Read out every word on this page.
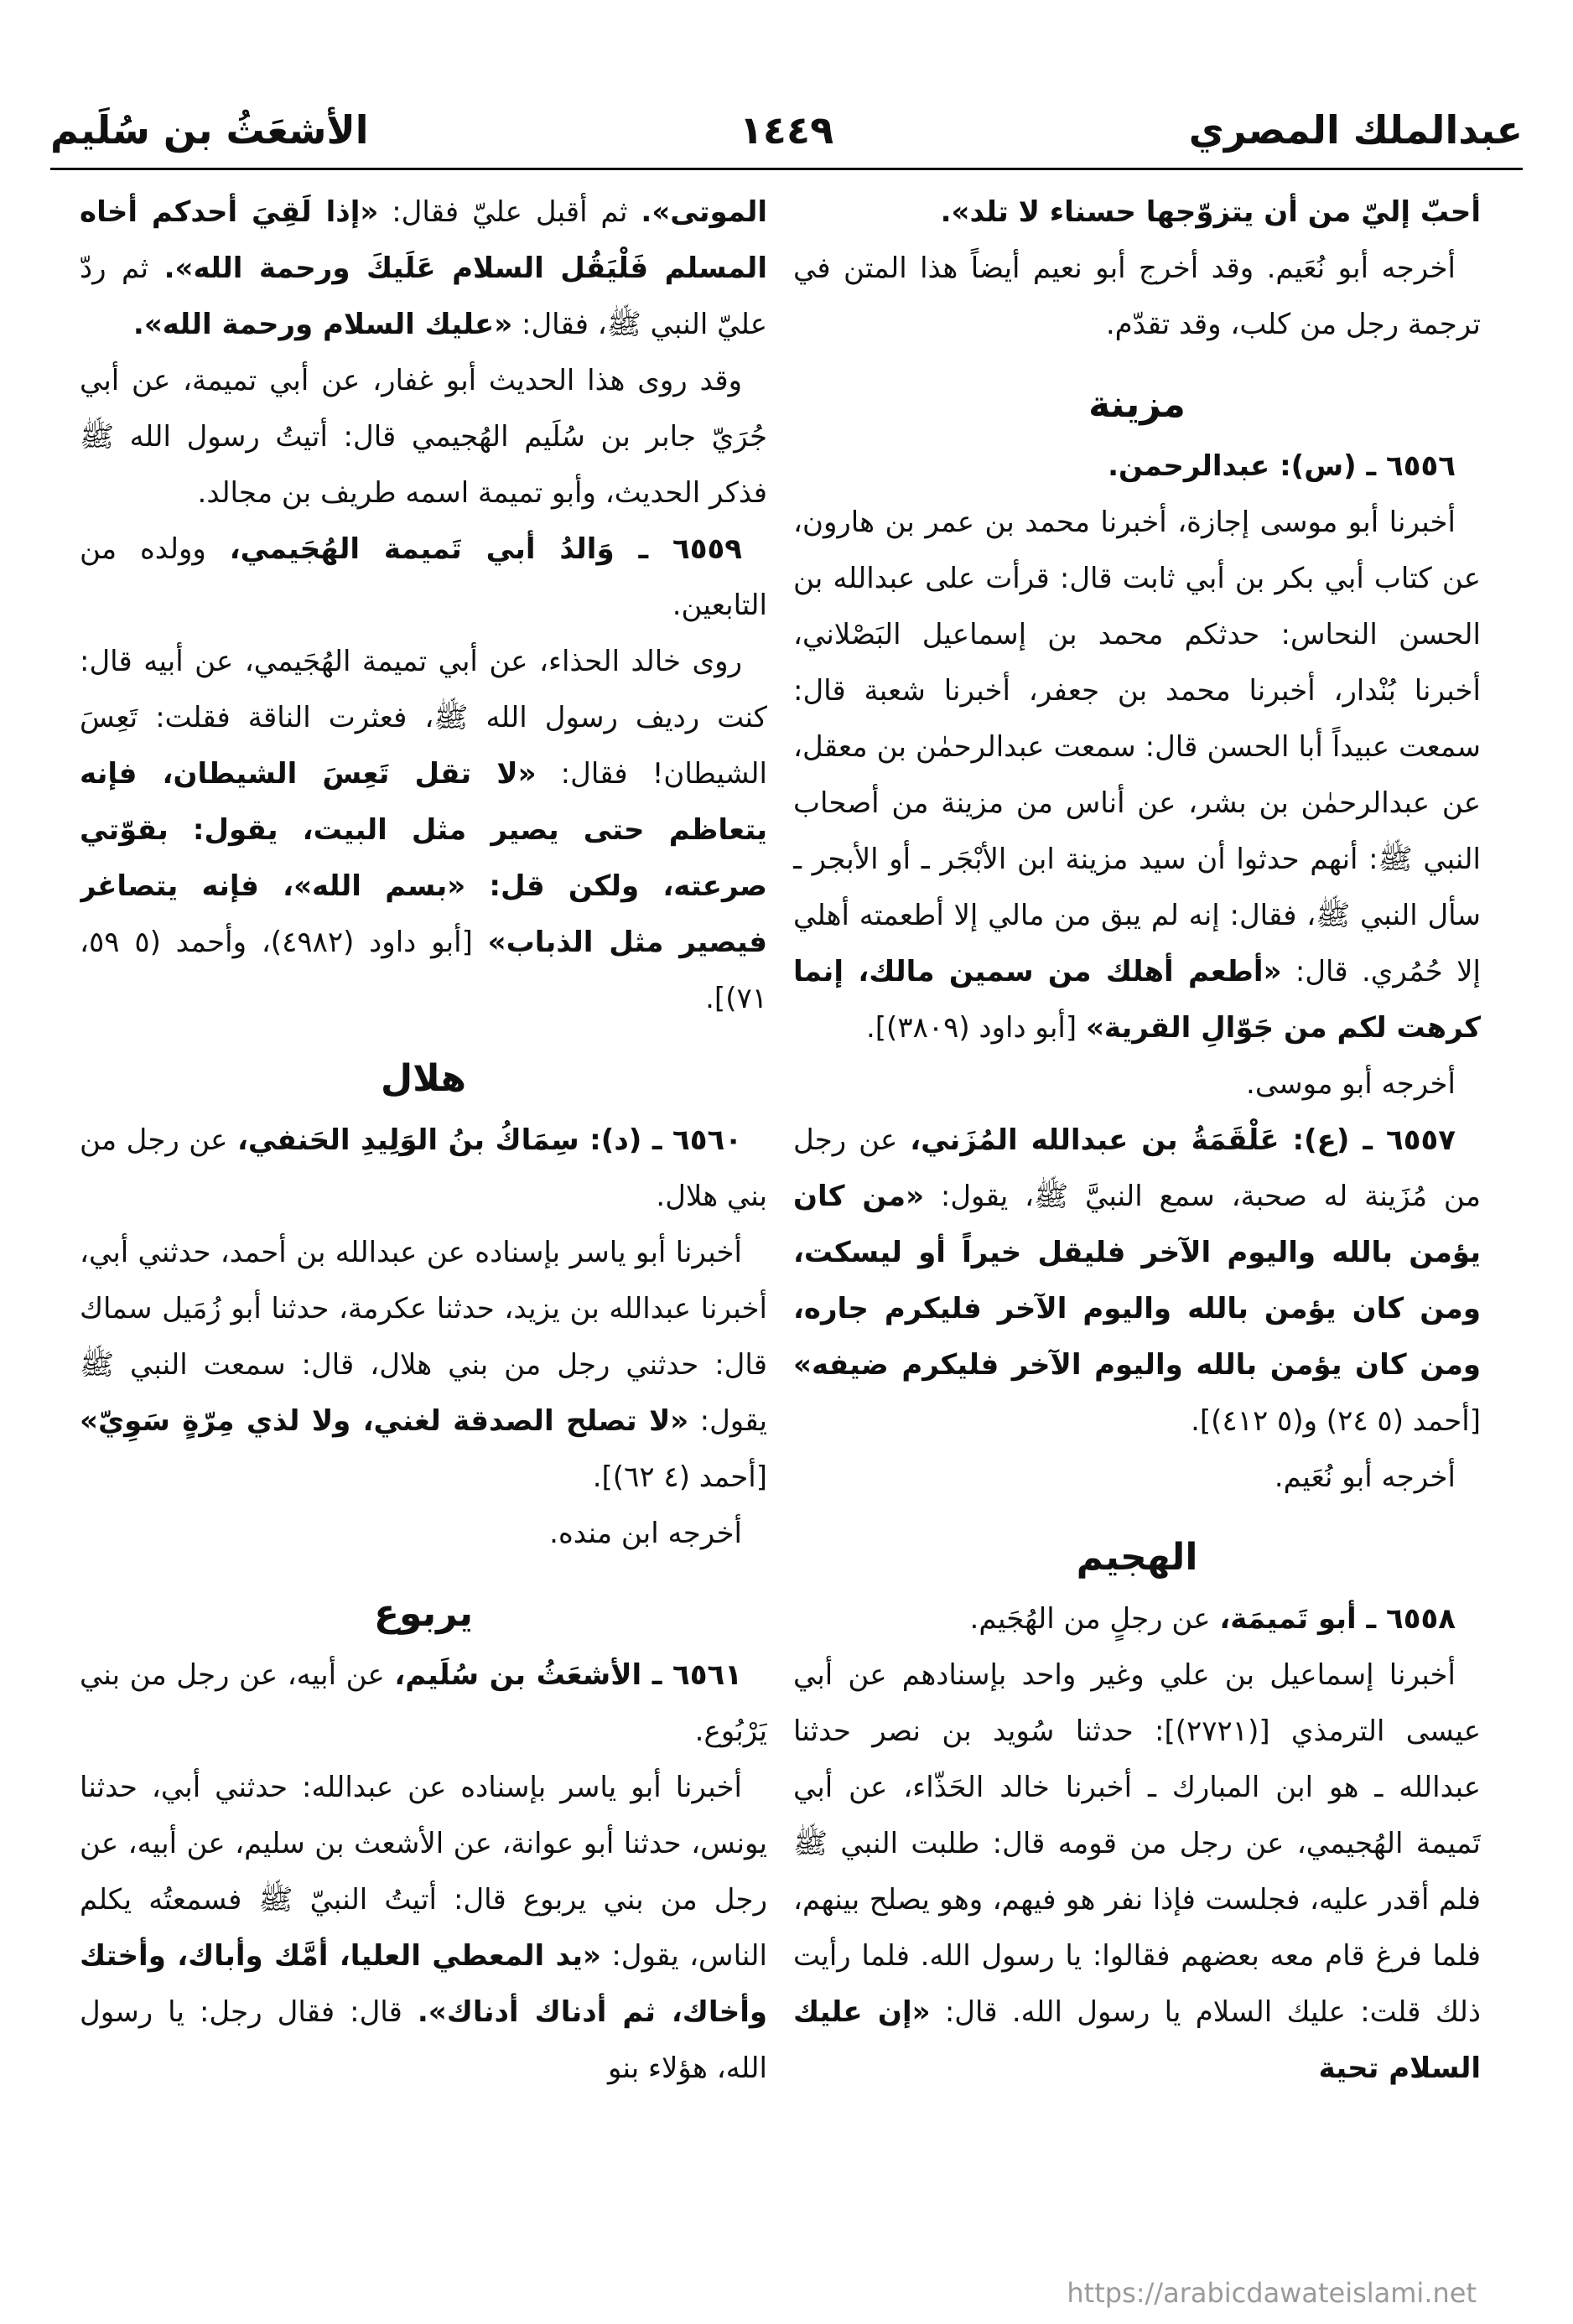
عبدالملك المصري
١٤٤٩
الأشعَثُ بن سُلَيم

أحبّ إليّ من أن يتزوّجها حسناء لا تلد».

أخرجه أبو نُعَيم. وقد أخرج أبو نعيم أيضاً هذا المتن في ترجمة رجل من كلب، وقد تقدّم.

مزينة

٦٥٥٦ ـ (س): عبدالرحمن.

أخبرنا أبو موسى إجازة، أخبرنا محمد بن عمر بن هارون، عن كتاب أبي بكر بن أبي ثابت قال: قرأت على عبدالله بن الحسن النحاس: حدثكم محمد بن إسماعيل البَصْلاني، أخبرنا بُنْدار، أخبرنا محمد بن جعفر، أخبرنا شعبة قال: سمعت عبيداً أبا الحسن قال: سمعت عبدالرحمٰن بن معقل، عن عبدالرحمٰن بن بشر، عن أناس من مزينة من أصحاب النبي ﷺ: أنهم حدثوا أن سيد مزينة ابن الأبْجَر ـ أو الأبجر ـ سأل النبي ﷺ، فقال: إنه لم يبق من مالي إلا أطعمته أهلي إلا حُمُري. قال: «أطعم أهلك من سمين مالك، إنما كرهت لكم من جَوّالِ القرية» [أبو داود (٣٨٠٩)].

أخرجه أبو موسى.

٦٥٥٧ ـ (ع): عَلْقَمَةُ بن عبدالله المُزَني، عن رجل من مُزَينة له صحبة، سمع النبيَّ ﷺ، يقول: «من كان يؤمن بالله واليوم الآخر فليقل خيراً أو ليسكت، ومن كان يؤمن بالله واليوم الآخر فليكرم جاره، ومن كان يؤمن بالله واليوم الآخر فليكرم ضيفه» [أحمد (٥ ٢٤) و(٥ ٤١٢)].

أخرجه أبو نُعَيم.

الهجيم

٦٥٥٨ ـ أبو تَميمَة، عن رجلٍ من الهُجَيم.

أخبرنا إسماعيل بن علي وغير واحد بإسنادهم عن أبي عيسى الترمذي [(٢٧٢١)]: حدثنا سُويد بن نصر حدثنا عبدالله ـ هو ابن المبارك ـ أخبرنا خالد الحَذّاء، عن أبي تَميمة الهُجيمي، عن رجل من قومه قال: طلبت النبي ﷺ فلم أقدر عليه، فجلست فإذا نفر هو فيهم، وهو يصلح بينهم، فلما فرغ قام معه بعضهم فقالوا: يا رسول الله. فلما رأيت ذلك قلت: عليك السلام يا رسول الله. قال: «إن عليك السلام تحية

الموتى». ثم أقبل عليّ فقال: «إذا لَقِيَ أحدكم أخاه المسلم فَلْيَقُل السلام عَلَيكَ ورحمة الله». ثم ردّ عليّ النبي ﷺ، فقال: «عليك السلام ورحمة الله».

وقد روى هذا الحديث أبو غفار، عن أبي تميمة، عن أبي جُرَيّ جابر بن سُلَيم الهُجيمي قال: أتيتُ رسول الله ﷺ فذكر الحديث، وأبو تميمة اسمه طريف بن مجالد.

٦٥٥٩ ـ وَالدُ أبي تَميمة الهُجَيمي، وولده من التابعين.

روى خالد الحذاء، عن أبي تميمة الهُجَيمي، عن أبيه قال: كنت رديف رسول الله ﷺ، فعثرت الناقة فقلت: تَعِسَ الشيطان! فقال: «لا تقل تَعِسَ الشيطان، فإنه يتعاظم حتى يصير مثل البيت، يقول: بقوّتي صرعته، ولكن قل: «بسم الله»، فإنه يتصاغر فيصير مثل الذباب» [أبو داود (٤٩٨٢)، وأحمد (٥ ٥٩، ٧١)].

هلال

٦٥٦٠ ـ (د): سِمَاكُ بنُ الوَلِيدِ الحَنفي، عن رجل من بني هلال.

أخبرنا أبو ياسر بإسناده عن عبدالله بن أحمد، حدثني أبي، أخبرنا عبدالله بن يزيد، حدثنا عكرمة، حدثنا أبو زُمَيل سماك قال: حدثني رجل من بني هلال، قال: سمعت النبي ﷺ يقول: «لا تصلح الصدقة لغني، ولا لذي مِرّةٍ سَوِيّ» [أحمد (٤ ٦٢)].

أخرجه ابن منده.

يربوع

٦٥٦١ ـ الأشعَثُ بن سُلَيم، عن أبيه، عن رجل من بني يَرْبُوع.

أخبرنا أبو ياسر بإسناده عن عبدالله: حدثني أبي، حدثنا يونس، حدثنا أبو عوانة، عن الأشعث بن سليم، عن أبيه، عن رجل من بني يربوع قال: أتيتُ النبيّ ﷺ فسمعتُه يكلم الناس، يقول: «يد المعطي العليا، أمَّك وأباك، وأختك وأخاك، ثم أدناك أدناك». قال: فقال رجل: يا رسول الله، هؤلاء بنو

https://arabicdawateislami.net
